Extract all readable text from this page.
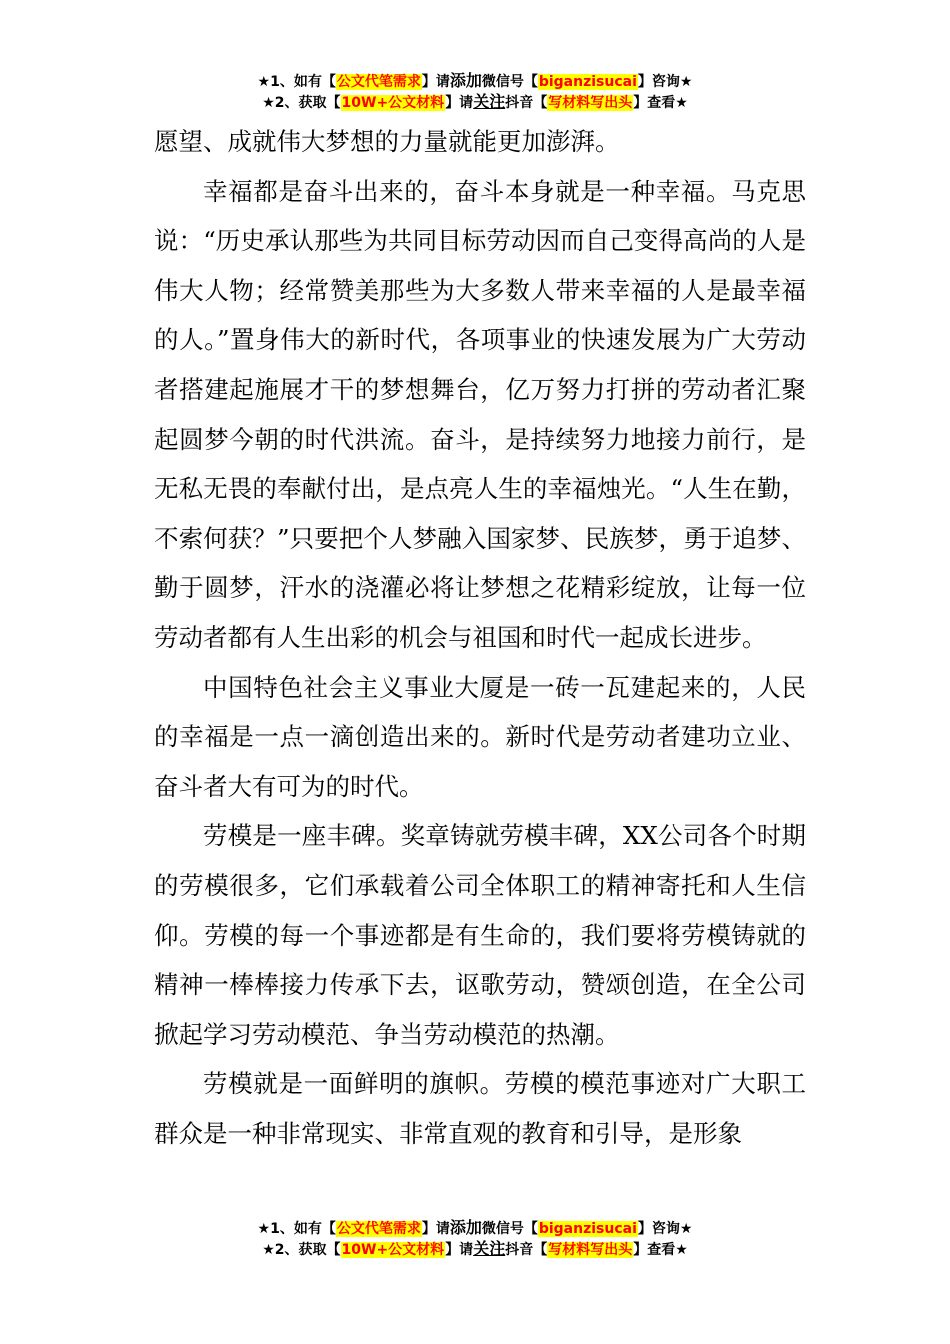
★1、如有【公文代笔需求】请添加微信号【biganzisucai】咨询★
★2、获取【10W+公文材料】请关注抖音【写材料写出头】查看★

愿望、成就伟大梦想的力量就能更加澎湃。

幸福都是奋斗出来的，奋斗本身就是一种幸福。马克思说：“历史承认那些为共同目标劳动因而自己变得高尚的人是伟大人物；经常赞美那些为大多数人带来幸福的人是最幸福的人。”置身伟大的新时代，各项事业的快速发展为广大劳动者搭建起施展才干的梦想舞台，亿万努力打拼的劳动者汇聚起圆梦今朝的时代洪流。奋斗，是持续努力地接力前行，是无私无畏的奉献付出，是点亮人生的幸福烛光。“人生在勤，不索何获？”只要把个人梦融入国家梦、民族梦，勇于追梦、勤于圆梦，汗水的浇灌必将让梦想之花精彩绽放，让每一位劳动者都有人生出彩的机会与祖国和时代一起成长进步。

中国特色社会主义事业大厦是一砖一瓦建起来的，人民的幸福是一点一滴创造出来的。新时代是劳动者建功立业、奋斗者大有可为的时代。

劳模是一座丰碑。奖章铸就劳模丰碑，XX公司各个时期的劳模很多，它们承载着公司全体职工的精神寄托和人生信仰。劳模的每一个事迹都是有生命的，我们要将劳模铸就的精神一棒棒接力传承下去，讴歌劳动，赞颂创造，在全公司掀起学习劳动模范、争当劳动模范的热潮。

劳模就是一面鲜明的旗帜。劳模的模范事迹对广大职工群众是一种非常现实、非常直观的教育和引导，是形象

★1、如有【公文代笔需求】请添加微信号【biganzisucai】咨询★
★2、获取【10W+公文材料】请关注抖音【写材料写出头】查看★
